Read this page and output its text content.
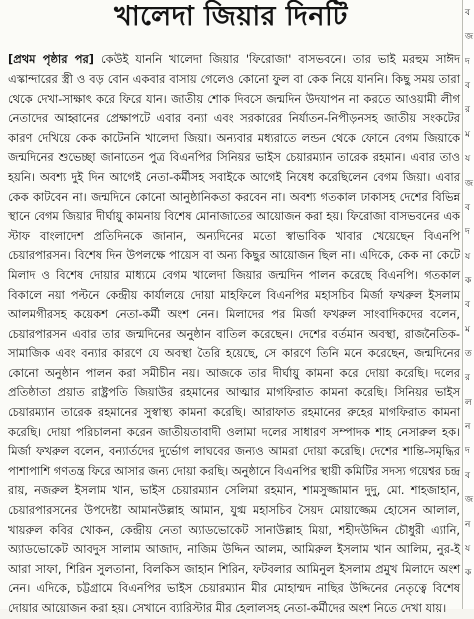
খালেদা জিয়ার দিনটি

[প্রথম পৃষ্ঠার পর] কেউই যাননি খালেদা জিয়ার 'ফিরোজা' বাসভবনে। তার ভাই মরহুম সাঈদ এস্কান্দারের স্ত্রী ও বড় বোন একবার বাসায় গেলেও কোনো ফুল বা কেক নিয়ে যাননি। কিছু সময় তারা থেকে দেখা-সাক্ষাৎ করে ফিরে যান। জাতীয় শোক দিবসে জন্মদিন উদযাপন না করতে আওয়ামী লীগ নেতাদের আহ্বানের প্রেক্ষাপটে এবার বন্যা এবং সরকারের নির্যাতন-নিপীড়নসহ জাতীয় সংকটের কারণ দেখিয়ে কেক কাটেননি খালেদা জিয়া। অন্যবার মধ্যরাতে লন্ডন থেকে ফোনে বেগম জিয়াকে জন্মদিনের শুভেচ্ছা জানাতেন পুত্র বিএনপির সিনিয়র ভাইস চেয়ারম্যান তারেক রহমান। এবার তাও হয়নি। অবশ্য দুই দিন আগেই নেতা-কর্মীসহ সবাইকে আগেই নিষেধ করেছিলেন বেগম জিয়া। এবার কেক কাটবেন না। জন্মদিনে কোনো আনুষ্ঠানিকতা করবেন না। অবশ্য গতকাল ঢাকাসহ দেশের বিভিন্ন স্থানে বেগম জিয়ার দীর্ঘায়ু কামনায় বিশেষ মোনাজাতের আয়োজন করা হয়। ফিরোজা বাসভবনের এক স্টাফ বাংলাদেশ প্রতিদিনকে জানান, অন্যদিনের মতো স্বাভাবিক খাবার খেয়েছেন বিএনপি চেয়ারপারসন। বিশেষ দিন উপলক্ষে পায়েস বা অন্য কিছুর আয়োজন ছিল না। এদিকে, কেক না কেটে মিলাদ ও বিশেষ দোয়ার মাধ্যমে বেগম খালেদা জিয়ার জন্মদিন পালন করেছে বিএনপি। গতকাল বিকালে নয়া পল্টনে কেন্দ্রীয় কার্যালয়ে দোয়া মাহফিলে বিএনপির মহাসচিব মির্জা ফখরুল ইসলাম আলমগীরসহ কয়েকশ নেতা-কর্মী অংশ নেন। মিলাদের পর মির্জা ফখরুল সাংবাদিকদের বলেন, চেয়ারপারসন এবার তার জন্মদিনের অনুষ্ঠান বাতিল করেছেন। দেশের বর্তমান অবস্থা, রাজনৈতিক-সামাজিক এবং বন্যার কারণে যে অবস্থা তৈরি হয়েছে, সে কারণে তিনি মনে করেছেন, জন্মদিনের কোনো অনুষ্ঠান পালন করা সমীচীন নয়। আজকে তার দীর্ঘায়ু কামনা করে দোয়া করেছি। দলের প্রতিষ্ঠাতা প্রয়াত রাষ্ট্রপতি জিয়াউর রহমানের আত্মার মাগফিরাত কামনা করেছি। সিনিয়র ভাইস চেয়ারম্যান তারেক রহমানের সুস্বাস্থ্য কামনা করেছি। আরাফাত রহমানের রুহের মাগফিরাত কামনা করেছি। দোয়া পরিচালনা করেন জাতীয়তাবাদী ওলামা দলের সাধারণ সম্পাদক শাহ নেসারুল হক। মির্জা ফখরুল বলেন, বন্যার্তদের দুর্ভোগ লাঘবের জন্যও আমরা দোয়া করেছি। দেশের শান্তি-সমৃদ্ধির পাশাপাশি গণতন্ত্র ফিরে আসার জন্য দোয়া করছি। অনুষ্ঠানে বিএনপির স্থায়ী কমিটির সদস্য গয়েশ্বর চন্দ্র রায়, নজরুল ইসলাম খান, ভাইস চেয়ারম্যান সেলিমা রহমান, শামসুজ্জামান দুদু, মো. শাহজাহান, চেয়ারপারসনের উপদেষ্টা আমানউল্লাহ আমান, যুগ্ম মহাসচিব সৈয়দ মোয়াজ্জেম হোসেন আলাল, খায়রুল কবির খোকন, কেন্দ্রীয় নেতা অ্যাডভোকেট সানাউল্লাহ মিয়া, শহীদউদ্দিন চৌধুরী এ্যানি, অ্যাডভোকেট আবদুস সালাম আজাদ, নাজিম উদ্দিন আলম, আমিরুল ইসলাম খান আলিম, নুর-ই আরা সাফা, শিরিন সুলতানা, বিলকিস জাহান শিরিন, ফটবলার আমিনুল ইসলাম প্রমুখ মিলাদে অংশ নেন। এদিকে, চট্টগ্রামে বিএনপির ভাইস চেয়ারম্যান মীর মোহাম্মদ নাছির উদ্দিনের নেতৃত্বে বিশেষ দোয়ার আয়োজন করা হয়। সেখানে ব্যারিস্টার মীর হেলালসহ নেতা-কর্মীদের অংশ নিতে দেখা যায়।

ব
জ
দ
ব
র
ম
য
জ
ব
দ
য
ক
ব
ম
ত
র
ল
ন
দ
ব
জ
ন
য
ক
